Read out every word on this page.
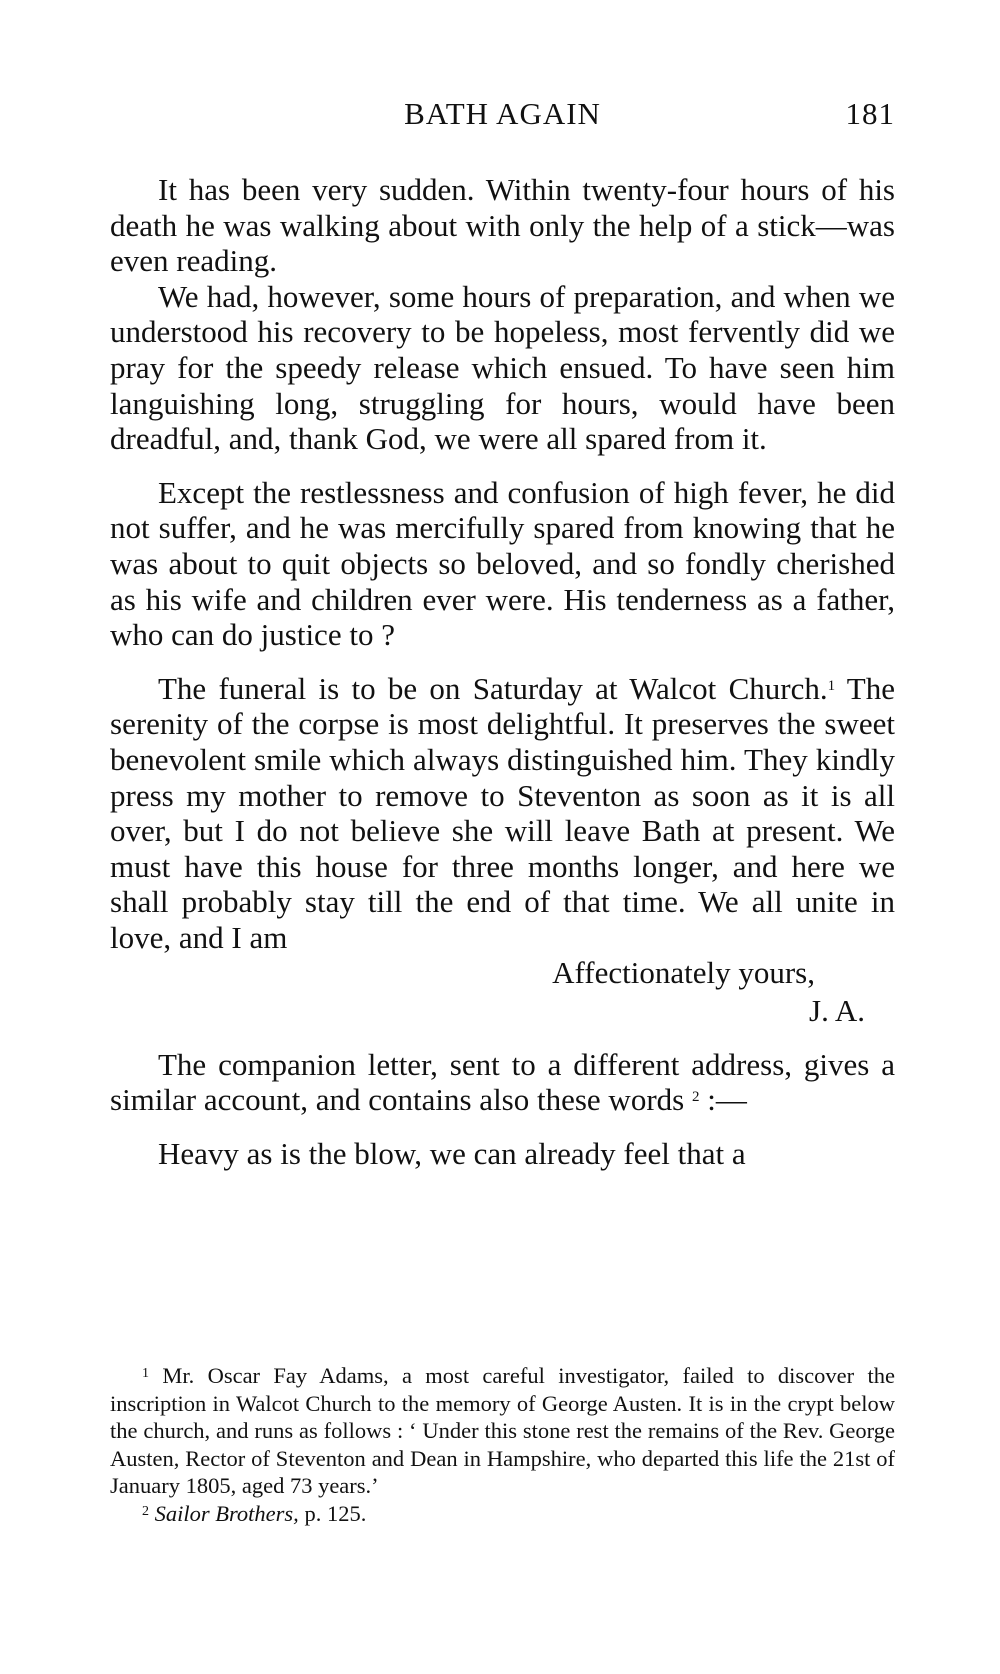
BATH AGAIN	181

It has been very sudden. Within twenty-four hours of his death he was walking about with only the help of a stick—was even reading.

We had, however, some hours of preparation, and when we understood his recovery to be hopeless, most fervently did we pray for the speedy release which ensued. To have seen him languishing long, struggling for hours, would have been dreadful, and, thank God, we were all spared from it.

Except the restlessness and confusion of high fever, he did not suffer, and he was mercifully spared from knowing that he was about to quit objects so beloved, and so fondly cherished as his wife and children ever were. His tenderness as a father, who can do justice to ?

The funeral is to be on Saturday at Walcot Church.$^1$ The serenity of the corpse is most delightful. It preserves the sweet benevolent smile which always distinguished him. They kindly press my mother to remove to Steventon as soon as it is all over, but I do not believe she will leave Bath at present. We must have this house for three months longer, and here we shall probably stay till the end of that time. We all unite in love, and I am

Affectionately yours,

J. A.

The companion letter, sent to a different address, gives a similar account, and contains also these words $^2$ :—

Heavy as is the blow, we can already feel that a

$^1$ Mr. Oscar Fay Adams, a most careful investigator, failed to discover the inscription in Walcot Church to the memory of George Austen. It is in the crypt below the church, and runs as follows : ‘ Under this stone rest the remains of the Rev. George Austen, Rector of Steventon and Dean in Hampshire, who departed this life the 21st of January 1805, aged 73 years.’

$^2$ Sailor Brothers, p. 125.
